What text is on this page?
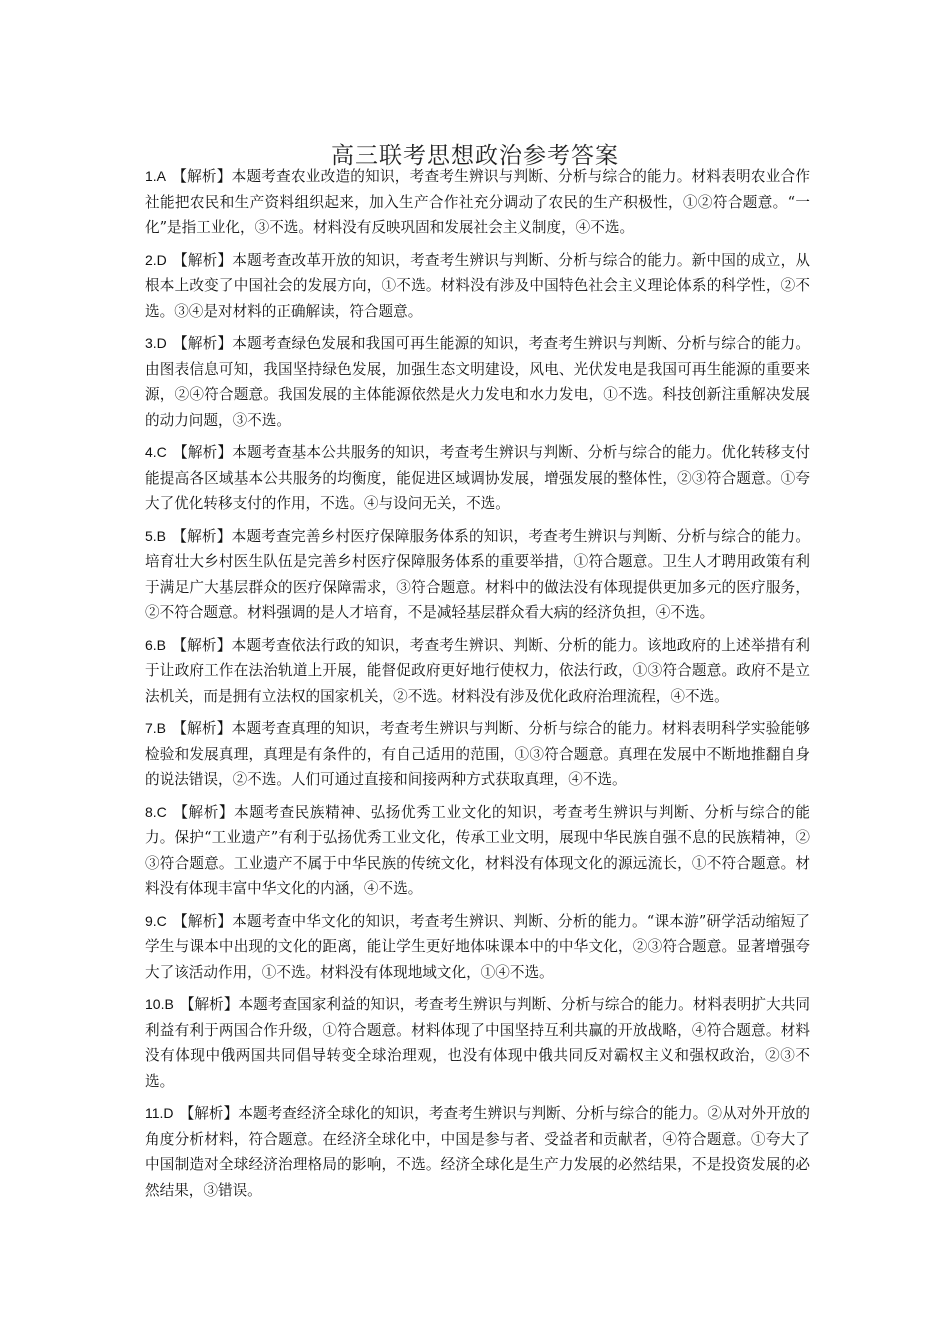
高三联考思想政治参考答案

1.A 【解析】本题考查农业改造的知识，考查考生辨识与判断、分析与综合的能力。材料表明农业合作社能把农民和生产资料组织起来，加入生产合作社充分调动了农民的生产积极性，①②符合题意。“一化”是指工业化，③不选。材料没有反映巩固和发展社会主义制度，④不选。

2.D 【解析】本题考查改革开放的知识，考查考生辨识与判断、分析与综合的能力。新中国的成立，从根本上改变了中国社会的发展方向，①不选。材料没有涉及中国特色社会主义理论体系的科学性，②不选。③④是对材料的正确解读，符合题意。

3.D 【解析】本题考查绿色发展和我国可再生能源的知识，考查考生辨识与判断、分析与综合的能力。由图表信息可知，我国坚持绿色发展，加强生态文明建设，风电、光伏发电是我国可再生能源的重要来源，②④符合题意。我国发展的主体能源依然是火力发电和水力发电，①不选。科技创新注重解决发展的动力问题，③不选。

4.C 【解析】本题考查基本公共服务的知识，考查考生辨识与判断、分析与综合的能力。优化转移支付能提高各区域基本公共服务的均衡度，能促进区域调协发展，增强发展的整体性，②③符合题意。①夸大了优化转移支付的作用，不选。④与设问无关，不选。

5.B 【解析】本题考查完善乡村医疗保障服务体系的知识，考查考生辨识与判断、分析与综合的能力。培育壮大乡村医生队伍是完善乡村医疗保障服务体系的重要举措，①符合题意。卫生人才聘用政策有利于满足广大基层群众的医疗保障需求，③符合题意。材料中的做法没有体现提供更加多元的医疗服务，②不符合题意。材料强调的是人才培育，不是减轻基层群众看大病的经济负担，④不选。

6.B 【解析】本题考查依法行政的知识，考查考生辨识、判断、分析的能力。该地政府的上述举措有利于让政府工作在法治轨道上开展，能督促政府更好地行使权力，依法行政，①③符合题意。政府不是立法机关，而是拥有立法权的国家机关，②不选。材料没有涉及优化政府治理流程，④不选。

7.B 【解析】本题考查真理的知识，考查考生辨识与判断、分析与综合的能力。材料表明科学实验能够检验和发展真理，真理是有条件的，有自己适用的范围，①③符合题意。真理在发展中不断地推翻自身的说法错误，②不选。人们可通过直接和间接两种方式获取真理，④不选。

8.C 【解析】本题考查民族精神、弘扬优秀工业文化的知识，考查考生辨识与判断、分析与综合的能力。保护“工业遗产”有利于弘扬优秀工业文化，传承工业文明，展现中华民族自强不息的民族精神，②③符合题意。工业遗产不属于中华民族的传统文化，材料没有体现文化的源远流长，①不符合题意。材料没有体现丰富中华文化的内涵，④不选。

9.C 【解析】本题考查中华文化的知识，考查考生辨识、判断、分析的能力。“课本游”研学活动缩短了学生与课本中出现的文化的距离，能让学生更好地体味课本中的中华文化，②③符合题意。显著增强夸大了该活动作用，①不选。材料没有体现地域文化，①④不选。

10.B 【解析】本题考查国家利益的知识，考查考生辨识与判断、分析与综合的能力。材料表明扩大共同利益有利于两国合作升级，①符合题意。材料体现了中国坚持互利共赢的开放战略，④符合题意。材料没有体现中俄两国共同倡导转变全球治理观，也没有体现中俄共同反对霸权主义和强权政治，②③不选。

11.D 【解析】本题考查经济全球化的知识，考查考生辨识与判断、分析与综合的能力。②从对外开放的角度分析材料，符合题意。在经济全球化中，中国是参与者、受益者和贡献者，④符合题意。①夸大了中国制造对全球经济治理格局的影响，不选。经济全球化是生产力发展的必然结果，不是投资发展的必然结果，③错误。
